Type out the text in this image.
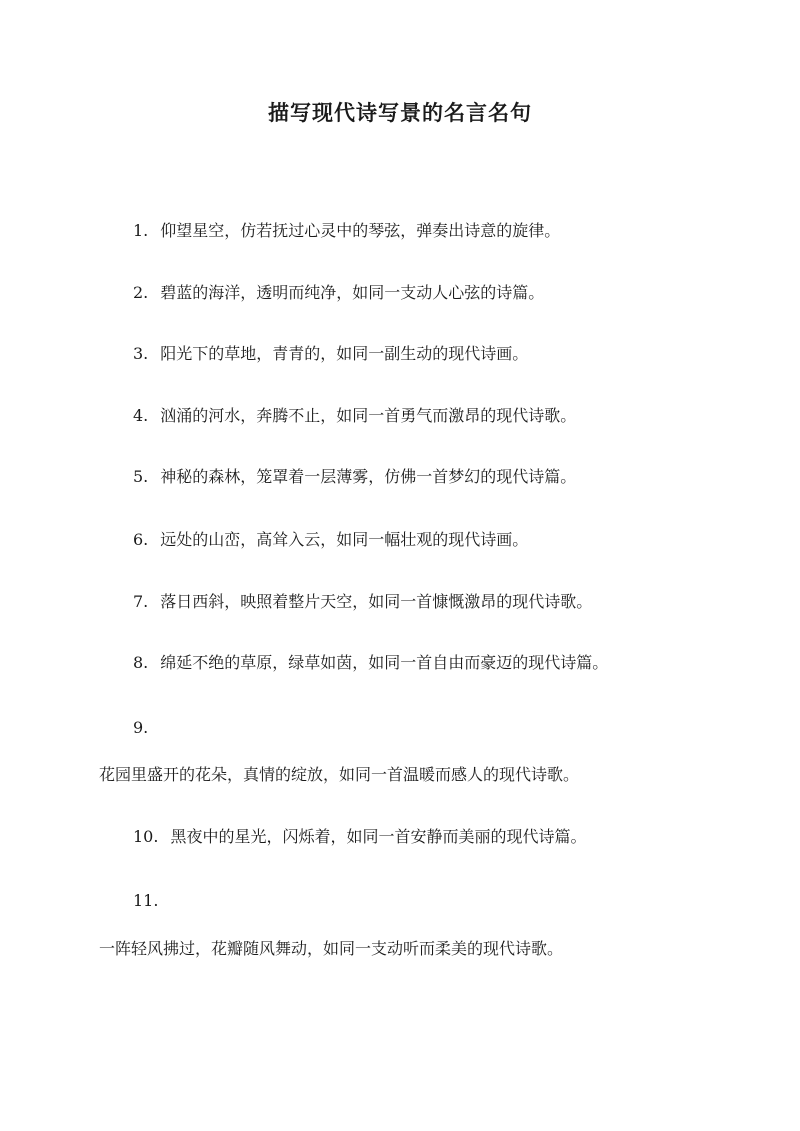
描写现代诗写景的名言名句
1. 仰望星空，仿若抚过心灵中的琴弦，弹奏出诗意的旋律。
2. 碧蓝的海洋，透明而纯净，如同一支动人心弦的诗篇。
3. 阳光下的草地，青青的，如同一副生动的现代诗画。
4. 汹涌的河水，奔腾不止，如同一首勇气而激昂的现代诗歌。
5. 神秘的森林，笼罩着一层薄雾，仿佛一首梦幻的现代诗篇。
6. 远处的山峦，高耸入云，如同一幅壮观的现代诗画。
7. 落日西斜，映照着整片天空，如同一首慷慨激昂的现代诗歌。
8. 绵延不绝的草原，绿草如茵，如同一首自由而豪迈的现代诗篇。
9.
花园里盛开的花朵，真情的绽放，如同一首温暖而感人的现代诗歌。
10. 黑夜中的星光，闪烁着，如同一首安静而美丽的现代诗篇。
11.
一阵轻风拂过，花瓣随风舞动，如同一支动听而柔美的现代诗歌。
